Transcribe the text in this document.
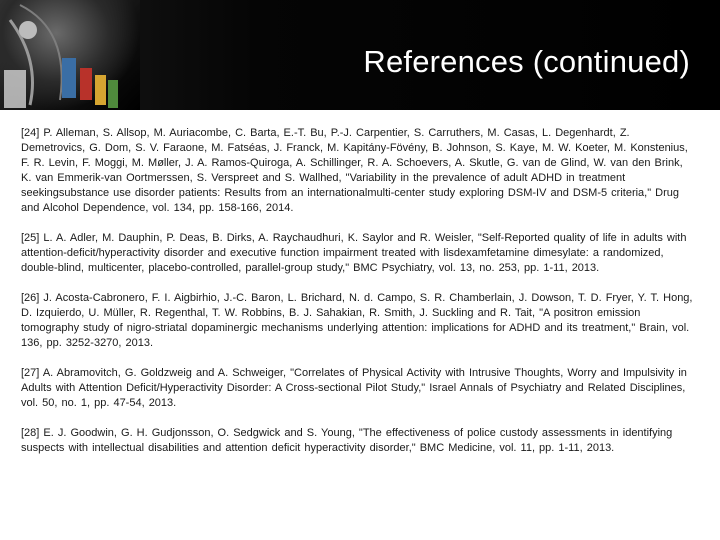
References (continued)

[24] P. Alleman, S. Allsop, M. Auriacombe, C. Barta, E.-T. Bu, P.-J. Carpentier, S. Carruthers, M. Casas, L. Degenhardt, Z. Demetrovics, G. Dom, S. V. Faraone, M. Fatséas, J. Franck, M. Kapitány-Fövény, B. Johnson, S. Kaye, M. W. Koeter, M. Konstenius, F. R. Levin, F. Moggi, M. Møller, J. A. Ramos-Quiroga, A. Schillinger, R. A. Schoevers, A. Skutle, G. van de Glind, W. van den Brink, K. van Emmerik-van Oortmerssen, S. Verspreet and S. Wallhed, "Variability in the prevalence of adult ADHD in treatment seekingsubstance use disorder patients: Results from an internationalmulti-center study exploring DSM-IV and DSM-5 criteria," Drug and Alcohol Dependence, vol. 134, pp. 158-166, 2014.

[25] L. A. Adler, M. Dauphin, P. Deas, B. Dirks, A. Raychaudhuri, K. Saylor and R. Weisler, "Self-Reported quality of life in adults with attention-deficit/hyperactivity disorder and executive function impairment treated with lisdexamfetamine dimesylate: a randomized, double-blind, multicenter, placebo-controlled, parallel-group study," BMC Psychiatry, vol. 13, no. 253, pp. 1-11, 2013.

[26] J. Acosta-Cabronero, F. I. Aigbirhio, J.-C. Baron, L. Brichard, N. d. Campo, S. R. Chamberlain, J. Dowson, T. D. Fryer, Y. T. Hong, D. Izquierdo, U. Müller, R. Regenthal, T. W. Robbins, B. J. Sahakian, R. Smith, J. Suckling and R. Tait, "A positron emission tomography study of nigro-striatal dopaminergic mechanisms underlying attention: implications for ADHD and its treatment," Brain, vol. 136, pp. 3252-3270, 2013.

[27] A. Abramovitch, G. Goldzweig and A. Schweiger, "Correlates of Physical Activity with Intrusive Thoughts, Worry and Impulsivity in Adults with Attention Deficit/Hyperactivity Disorder: A Cross-sectional Pilot Study," Israel Annals of Psychiatry and Related Disciplines, vol. 50, no. 1, pp. 47-54, 2013.

[28] E. J. Goodwin, G. H. Gudjonsson, O. Sedgwick and S. Young, "The effectiveness of police custody assessments in identifying suspects with intellectual disabilities and attention deficit hyperactivity disorder," BMC Medicine, vol. 11, pp. 1-11, 2013.
